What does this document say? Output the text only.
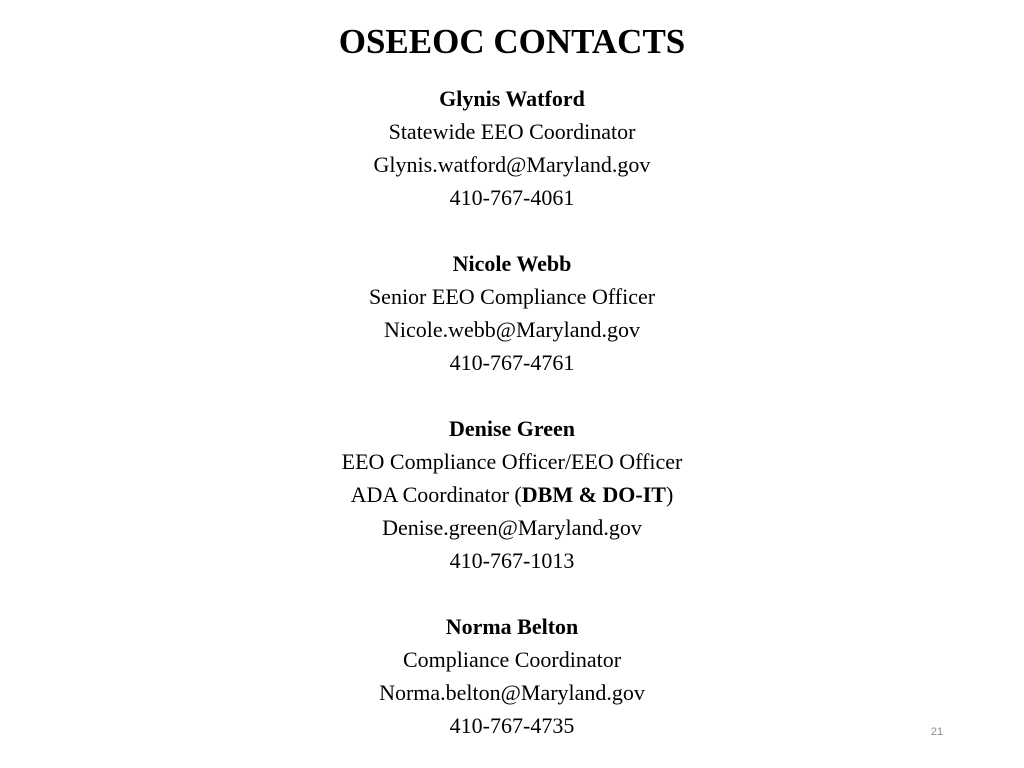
OSEEOC CONTACTS
Glynis Watford
Statewide EEO Coordinator
Glynis.watford@Maryland.gov
410-767-4061
Nicole Webb
Senior EEO Compliance Officer
Nicole.webb@Maryland.gov
410-767-4761
Denise Green
EEO Compliance Officer/EEO Officer
ADA Coordinator (DBM & DO-IT)
Denise.green@Maryland.gov
410-767-1013
Norma Belton
Compliance Coordinator
Norma.belton@Maryland.gov
410-767-4735	21
